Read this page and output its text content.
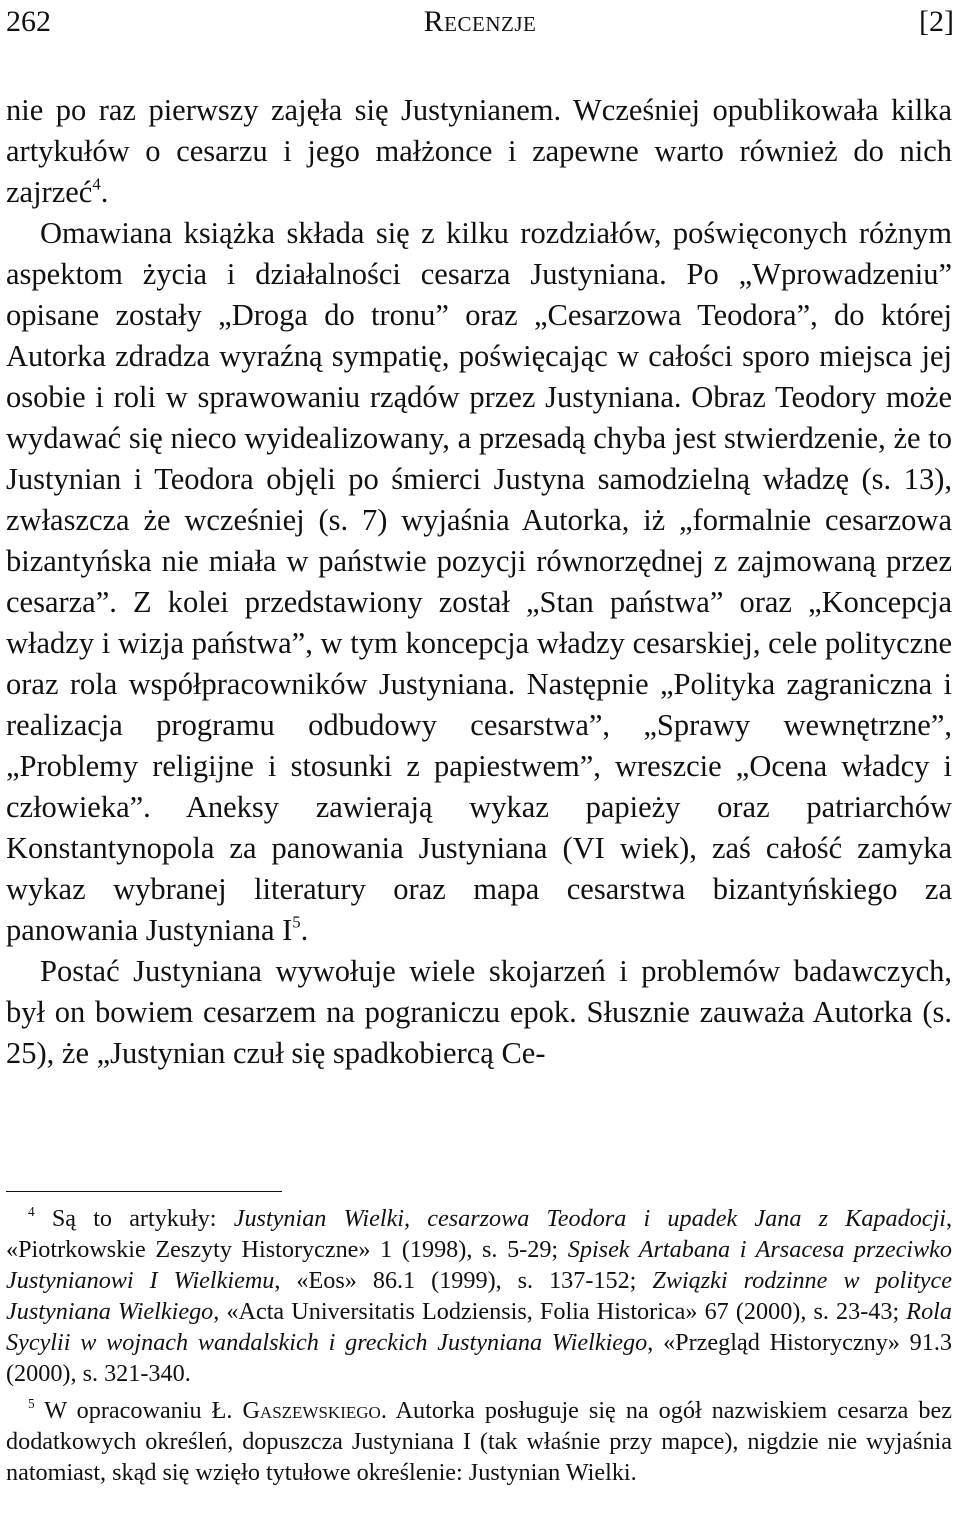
262	Recenzje	[2]

nie po raz pierwszy zajęła się Justynianem. Wcześniej opublikowała kilka artykułów o cesarzu i jego małżonce i zapewne warto również do nich zajrzeć$^4$.

Omawiana książka składa się z kilku rozdziałów, poświęconych różnym aspektom życia i działalności cesarza Justyniana. Po „Wprowadzeniu” opisane zostały „Droga do tronu” oraz „Cesarzowa Teodora”, do której Autorka zdradza wyraźną sympatię, poświęcając w całości sporo miejsca jej osobie i roli w sprawowaniu rządów przez Justyniana. Obraz Teodory może wydawać się nieco wyidealizowany, a przesadą chyba jest stwierdzenie, że to Justynian i Teodora objęli po śmierci Justyna samodzielną władzę (s. 13), zwłaszcza że wcześniej (s. 7) wyjaśnia Autorka, iż „formalnie cesarzowa bizantyńska nie miała w państwie pozycji równorzędnej z zajmowaną przez cesarza”. Z kolei przedstawiony został „Stan państwa” oraz „Koncepcja władzy i wizja państwa”, w tym koncepcja władzy cesarskiej, cele polityczne oraz rola współpracowników Justyniana. Następnie „Polityka zagraniczna i realizacja programu odbudowy cesarstwa”, „Sprawy wewnętrzne”, „Problemy religijne i stosunki z papiestwem”, wreszcie „Ocena władcy i człowieka”. Aneksy zawierają wykaz papieży oraz patriarchów Konstantynopola za panowania Justyniana (VI wiek), zaś całość zamyka wykaz wybranej literatury oraz mapa cesarstwa bizantyńskiego za panowania Justyniana $I^5$.

Postać Justyniana wywołuje wiele skojarzeń i problemów badawczych, był on bowiem cesarzem na pograniczu epok. Słusznie zauważa Autorka (s. 25), że „Justynian czuł się spadkobiercą Ce-

$^4$ Są to artykuły: Justynian Wielki, cesarzowa Teodora i upadek Jana z Kapadocji, «Piotrkowskie Zeszyty Historyczne» 1 (1998), s. 5-29; Spisek Artabana i Arsacesa przeciwko Justynianowi I Wielkiemu, «Eos» 86.1 (1999), s. 137-152; Związki rodzinne w polityce Justyniana Wielkiego, «Acta Universitatis Lodziensis, Folia Historica» 67 (2000), s. 23-43; Rola Sycylii w wojnach wandalskich i greckich Justyniana Wielkiego, «Przegląd Historyczny» 91.3 (2000), s. 321-340.

$^5$ W opracowaniu Ł. Gaszewskiego. Autorka posługuje się na ogół nazwiskiem cesarza bez dodatkowych określeń, dopuszcza Justyniana I (tak właśnie przy mapce), nigdzie nie wyjaśnia natomiast, skąd się wzięło tytułowe określenie: Justynian Wielki.
